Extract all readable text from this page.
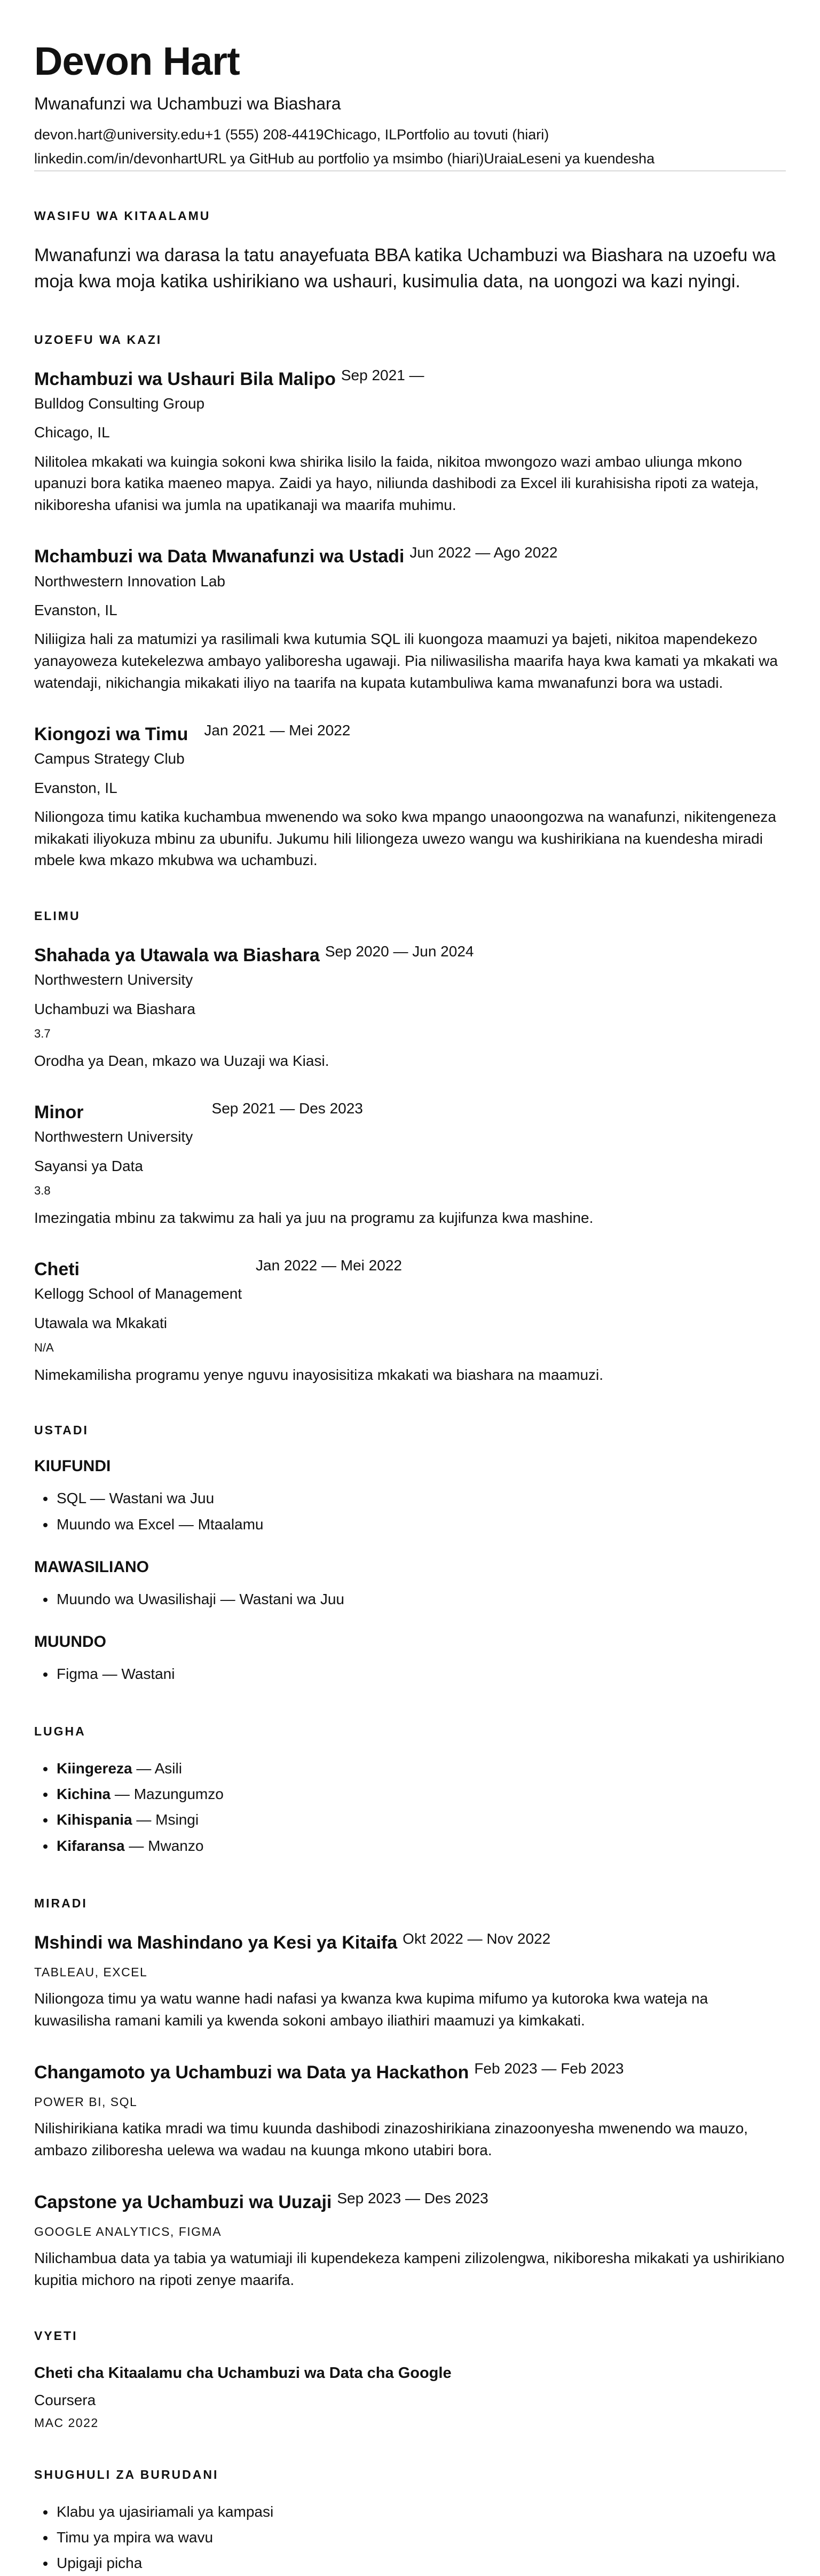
Devon Hart
Mwanafunzi wa Uchambuzi wa Biashara
devon.hart@university.edu+1 (555) 208-4419Chicago, ILPortfolio au tovuti (hiari)
linkedin.com/in/devonhartURL ya GitHub au portfolio ya msimbo (hiari)UraiaLeseni ya kuendesha
WASIFU WA KITAALAMU
Mwanafunzi wa darasa la tatu anayefuata BBA katika Uchambuzi wa Biashara na uzoefu wa moja kwa moja katika ushirikiano wa ushauri, kusimulia data, na uongozi wa kazi nyingi.
UZOEFU WA KAZI
Mchambuzi wa Ushauri Bila Malipo Sep 2021 —
Bulldog Consulting Group
Chicago, IL
Nilitolea mkakati wa kuingia sokoni kwa shirika lisilo la faida, nikitoa mwongozo wazi ambao uliunga mkono upanuzi bora katika maeneo mapya. Zaidi ya hayo, niliunda dashibodi za Excel ili kurahisisha ripoti za wateja, nikiboresha ufanisi wa jumla na upatikanaji wa maarifa muhimu.
Mchambuzi wa Data Mwanafunzi wa Ustadi Jun 2022 — Ago 2022
Northwestern Innovation Lab
Evanston, IL
Niliigiza hali za matumizi ya rasilimali kwa kutumia SQL ili kuongoza maamuzi ya bajeti, nikitoa mapendekezo yanayoweza kutekelezwa ambayo yaliboresha ugawaji. Pia niliwasilisha maarifa haya kwa kamati ya mkakati wa watendaji, nikichangia mikakati iliyo na taarifa na kupata kutambuliwa kama mwanafunzi bora wa ustadi.
Kiongozi wa Timu Jan 2021 — Mei 2022
Campus Strategy Club
Evanston, IL
Niliongoza timu katika kuchambua mwenendo wa soko kwa mpango unaoongozwa na wanafunzi, nikitengeneza mikakati iliyokuza mbinu za ubunifu. Jukumu hili liliongeza uwezo wangu wa kushirikiana na kuendesha miradi mbele kwa mkazo mkubwa wa uchambuzi.
ELIMU
Shahada ya Utawala wa Biashara Sep 2020 — Jun 2024
Northwestern University
Uchambuzi wa Biashara
3.7
Orodha ya Dean, mkazo wa Uuzaji wa Kiasi.
Minor	Sep 2021 — Des 2023
Northwestern University
Sayansi ya Data
3.8
Imezingatia mbinu za takwimu za hali ya juu na programu za kujifunza kwa mashine.
Cheti	Jan 2022 — Mei 2022
Kellogg School of Management
Utawala wa Mkakati
N/A
Nimekamilisha programu yenye nguvu inayosisitiza mkakati wa biashara na maamuzi.
USTADI
KIUFUNDI
• SQL — Wastani wa Juu
• Muundo wa Excel — Mtaalamu
MAWASILIANO
• Muundo wa Uwasilishaji — Wastani wa Juu
MUUNDO
• Figma — Wastani
LUGHA
• Kiingereza — Asili
• Kichina — Mazungumzo
• Kihispania — Msingi
• Kifaransa — Mwanzo
MIRADI
Mshindi wa Mashindano ya Kesi ya Kitaifa Okt 2022 — Nov 2022
TABLEAU, EXCEL
Niliongoza timu ya watu wanne hadi nafasi ya kwanza kwa kupima mifumo ya kutoroka kwa wateja na kuwasilisha ramani kamili ya kwenda sokoni ambayo iliathiri maamuzi ya kimkakati.
Changamoto ya Uchambuzi wa Data ya Hackathon Feb 2023 — Feb 2023
POWER BI, SQL
Nilishirikiana katika mradi wa timu kuunda dashibodi zinazoshirikiana zinazoonyesha mwenendo wa mauzo, ambazo ziliboresha uelewa wa wadau na kuunga mkono utabiri bora.
Capstone ya Uchambuzi wa Uuzaji Sep 2023 — Des 2023
GOOGLE ANALYTICS, FIGMA
Nilichambua data ya tabia ya watumiaji ili kupendekeza kampeni zilizolengwa, nikiboresha mikakati ya ushirikiano kupitia michoro na ripoti zenye maarifa.
VYETI
Cheti cha Kitaalamu cha Uchambuzi wa Data cha Google
Coursera
MAC 2022
SHUGHULI ZA BURUDANI
• Klabu ya ujasiriamali ya kampasi
• Timu ya mpira wa wavu
• Upigaji picha
